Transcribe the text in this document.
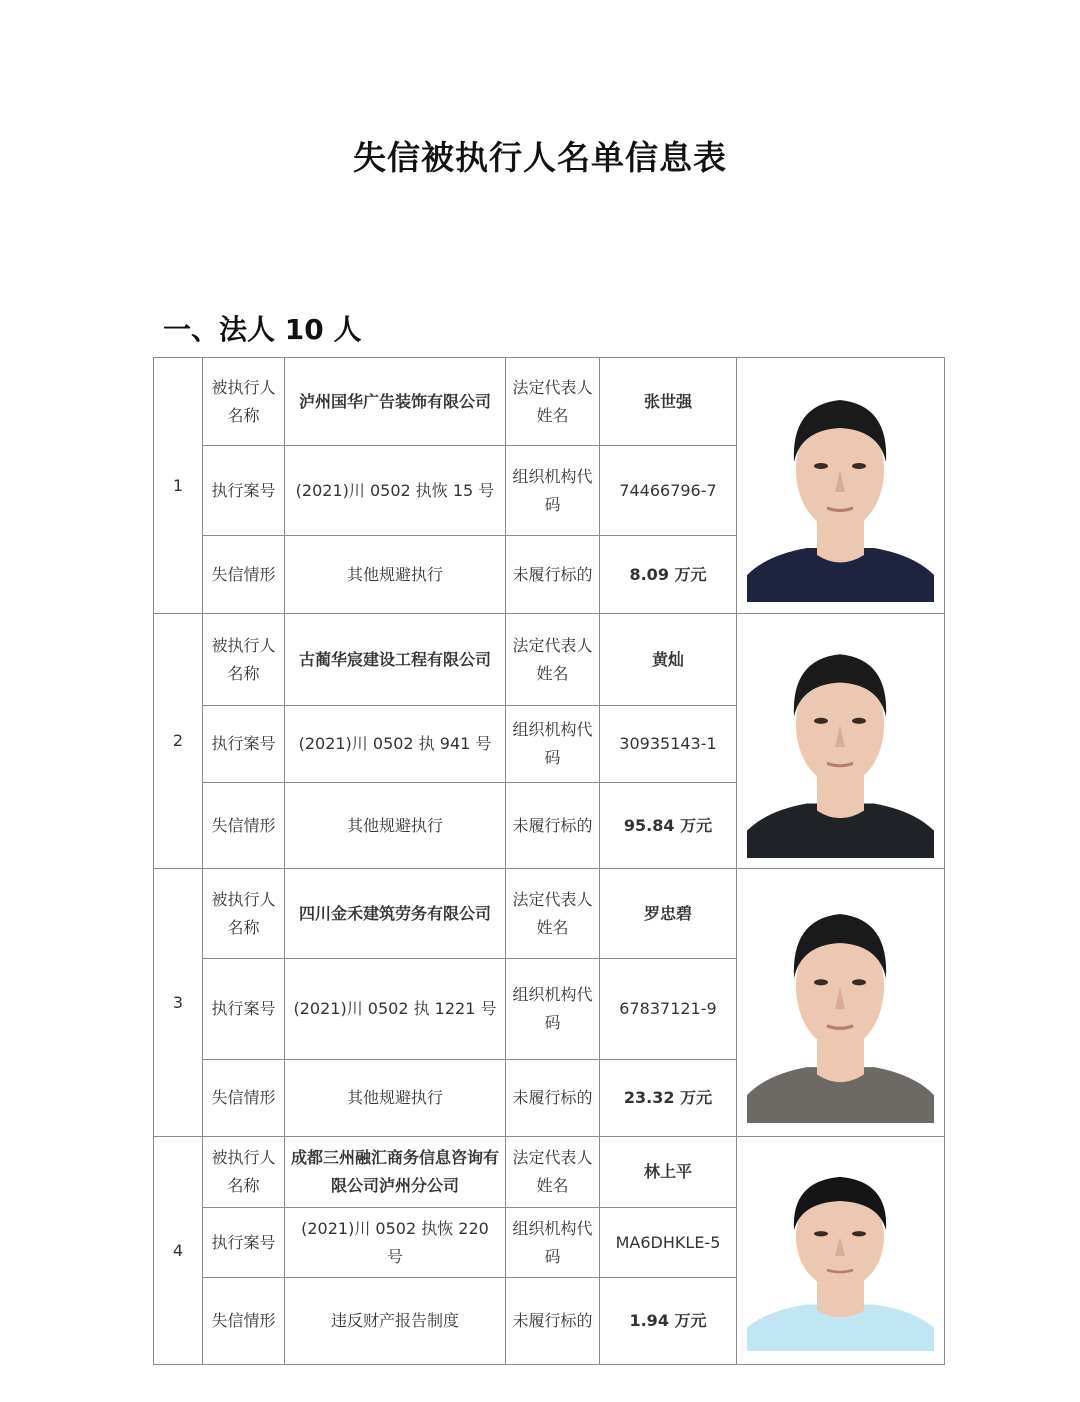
失信被执行人名单信息表
一、法人 10 人
1	被执行人名称	泸州国华广告装饰有限公司	法定代表人姓名	张世强	

	执行案号	(2021)川 0502 执恢 15 号	组织机构代码	74466796-7	
	失信情形	其他规避执行	未履行标的	8.09 万元	
2	被执行人名称	古蔺华宸建设工程有限公司	法定代表人姓名	黄灿	

	执行案号	(2021)川 0502 执 941 号	组织机构代码	30935143-1	
	失信情形	其他规避执行	未履行标的	95.84 万元	
3	被执行人名称	四川金禾建筑劳务有限公司	法定代表人姓名	罗忠碧	

	执行案号	(2021)川 0502 执 1221 号	组织机构代码	67837121-9	
	失信情形	其他规避执行	未履行标的	23.32 万元	
4	被执行人名称	成都三州融汇商务信息咨询有限公司泸州分公司	法定代表人姓名	林上平	

	执行案号	(2021)川 0502 执恢 220 号	组织机构代码	MA6DHKLE-5	
	失信情形	违反财产报告制度	未履行标的	1.94 万元	
